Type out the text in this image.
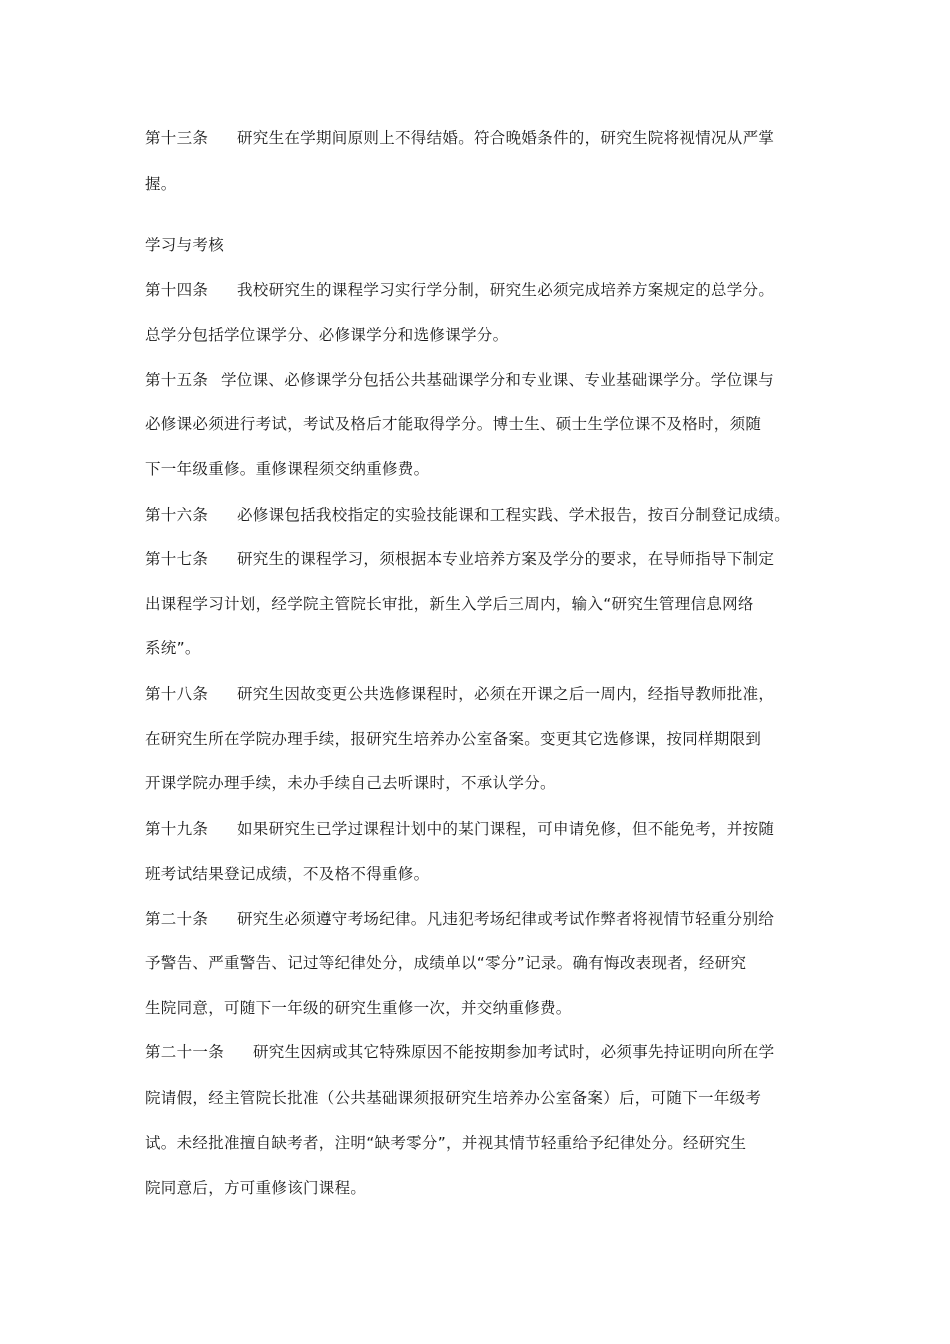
第十三条 研究生在学期间原则上不得结婚。符合晚婚条件的，研究生院将视情况从严掌
握。
学习与考核
第十四条 我校研究生的课程学习实行学分制，研究生必须完成培养方案规定的总学分。
总学分包括学位课学分、必修课学分和选修课学分。
第十五条 学位课、必修课学分包括公共基础课学分和专业课、专业基础课学分。学位课与
必修课必须进行考试，考试及格后才能取得学分。博士生、硕士生学位课不及格时，须随
下一年级重修。重修课程须交纳重修费。
第十六条 必修课包括我校指定的实验技能课和工程实践、学术报告，按百分制登记成绩。
第十七条 研究生的课程学习，须根据本专业培养方案及学分的要求，在导师指导下制定
出课程学习计划，经学院主管院长审批，新生入学后三周内，输入“研究生管理信息网络
系统”。
第十八条 研究生因故变更公共选修课程时，必须在开课之后一周内，经指导教师批准，
在研究生所在学院办理手续，报研究生培养办公室备案。变更其它选修课，按同样期限到
开课学院办理手续，未办手续自己去听课时，不承认学分。
第十九条 如果研究生已学过课程计划中的某门课程，可申请免修，但不能免考，并按随
班考试结果登记成绩，不及格不得重修。
第二十条 研究生必须遵守考场纪律。凡违犯考场纪律或考试作弊者将视情节轻重分别给
予警告、严重警告、记过等纪律处分，成绩单以“零分”记录。确有悔改表现者，经研究
生院同意，可随下一年级的研究生重修一次，并交纳重修费。
第二十一条 研究生因病或其它特殊原因不能按期参加考试时，必须事先持证明向所在学
院请假，经主管院长批准（公共基础课须报研究生培养办公室备案）后，可随下一年级考
试。未经批准擅自缺考者，注明“缺考零分”，并视其情节轻重给予纪律处分。经研究生
院同意后，方可重修该门课程。
